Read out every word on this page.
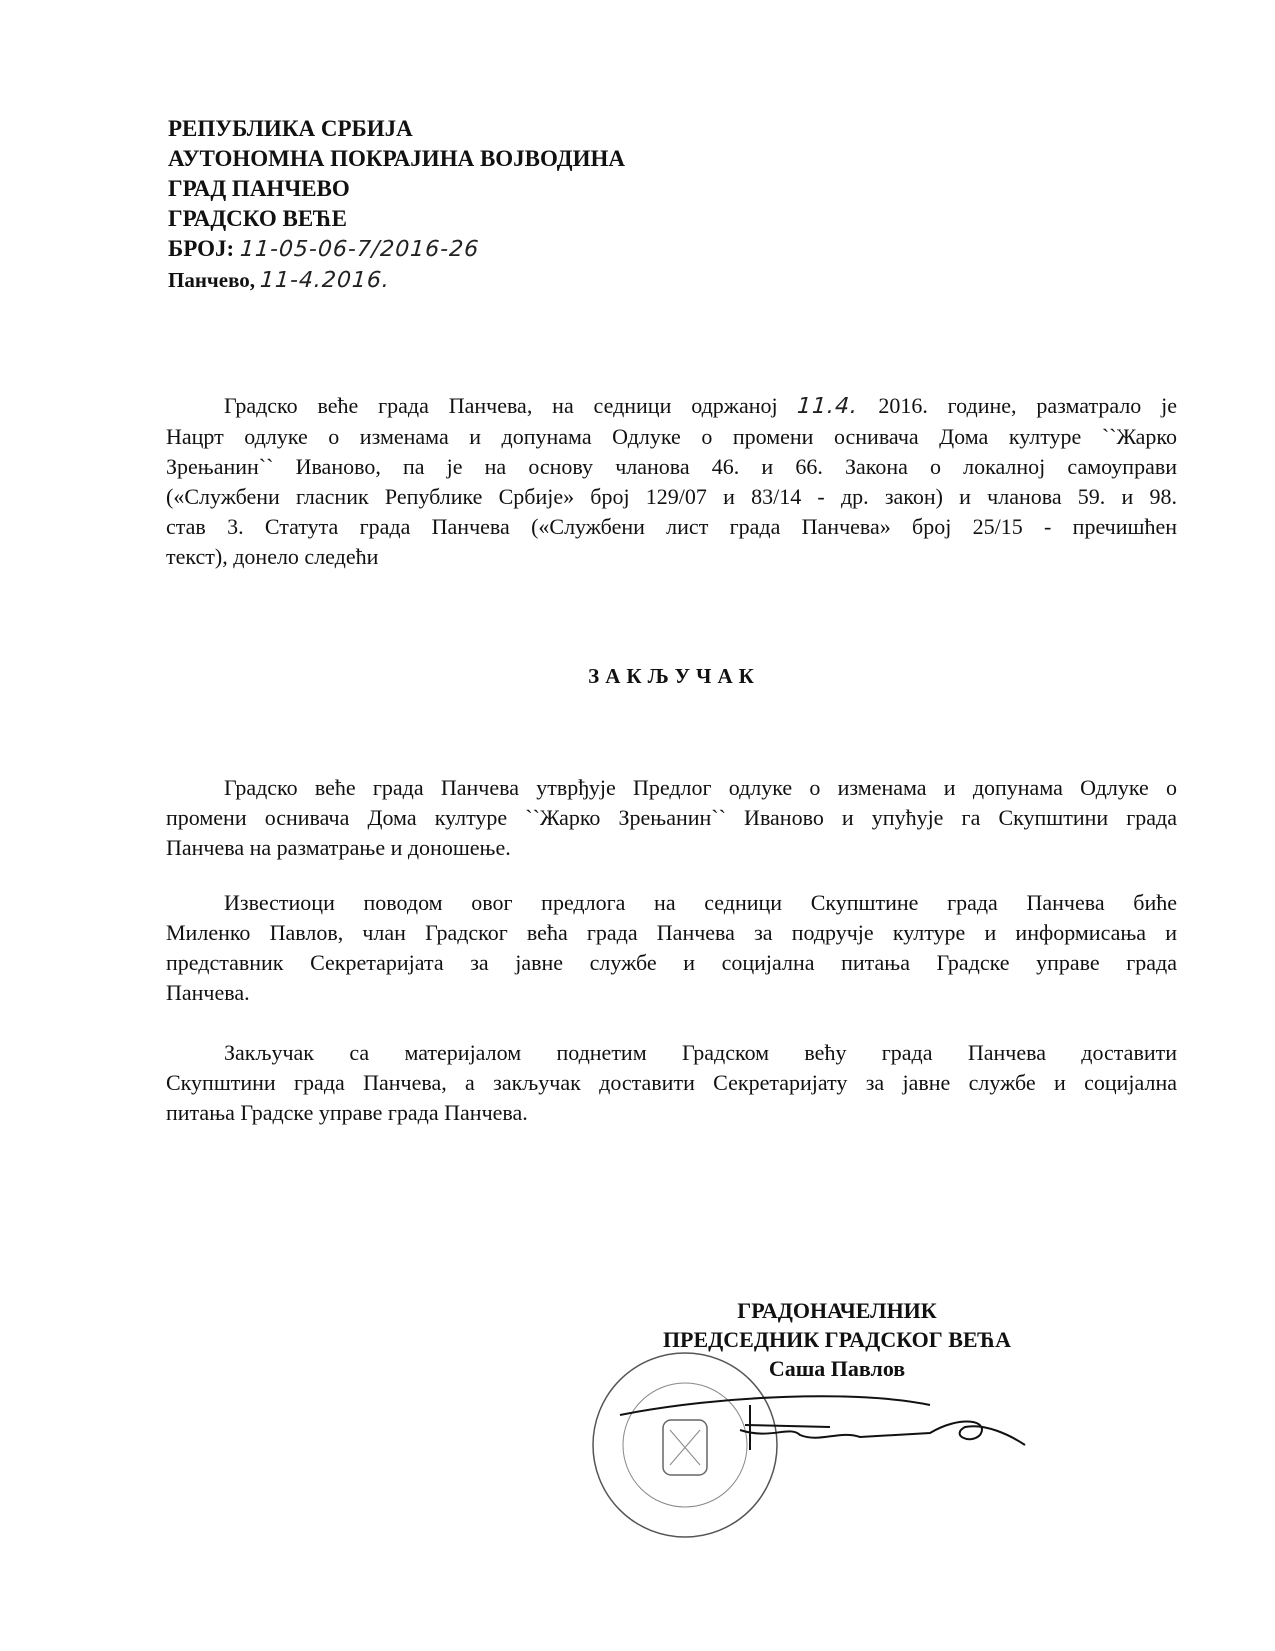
РЕПУБЛИКА СРБИЈА
АУТОНОМНА ПОКРАЈИНА ВОЈВОДИНА
ГРАД ПАНЧЕВО
ГРАДСКО ВЕЋЕ
БРОЈ: 11-05-06-7/2016-26
Панчево, 11-4.2016.
Градско веће града Панчева, на седници одржаној 11.4. 2016. године, разматрало је
Нацрт одлуке о изменама и допунама Одлуке о промени оснивача Дома културе ``Жарко
Зрењанин`` Иваново, па је на основу чланова 46. и 66. Закона о локалној самоуправи
(«Службени гласник Републике Србије» број 129/07 и 83/14 - др. закон) и чланова 59. и 98.
став 3. Статута града Панчева («Службени лист града Панчева» број 25/15 - пречишћен
текст), донело следећи
ЗАКЉУЧАК
Градско веће града Панчева утврђује Предлог одлуке о изменама и допунама Одлуке о
промени оснивача Дома културе ``Жарко Зрењанин`` Иваново и упућује га Скупштини града
Панчева на разматрање и доношење.
Известиоци поводом овог предлога на седници Скупштине града Панчева биће
Миленко Павлов, члан Градског већа града Панчева за подручје културе и информисања и
представник Секретаријата за јавне службе и социјална питања Градске управе града
Панчева.
Закључак са материјалом поднетим Градском већу града Панчева доставити
Скупштини града Панчева, а закључак доставити Секретаријату за јавне службе и социјална
питања Градске управе града Панчева.
ГРАДОНАЧЕЛНИК
ПРЕДСЕДНИК ГРАДСКОГ ВЕЋА
Саша Павлов
